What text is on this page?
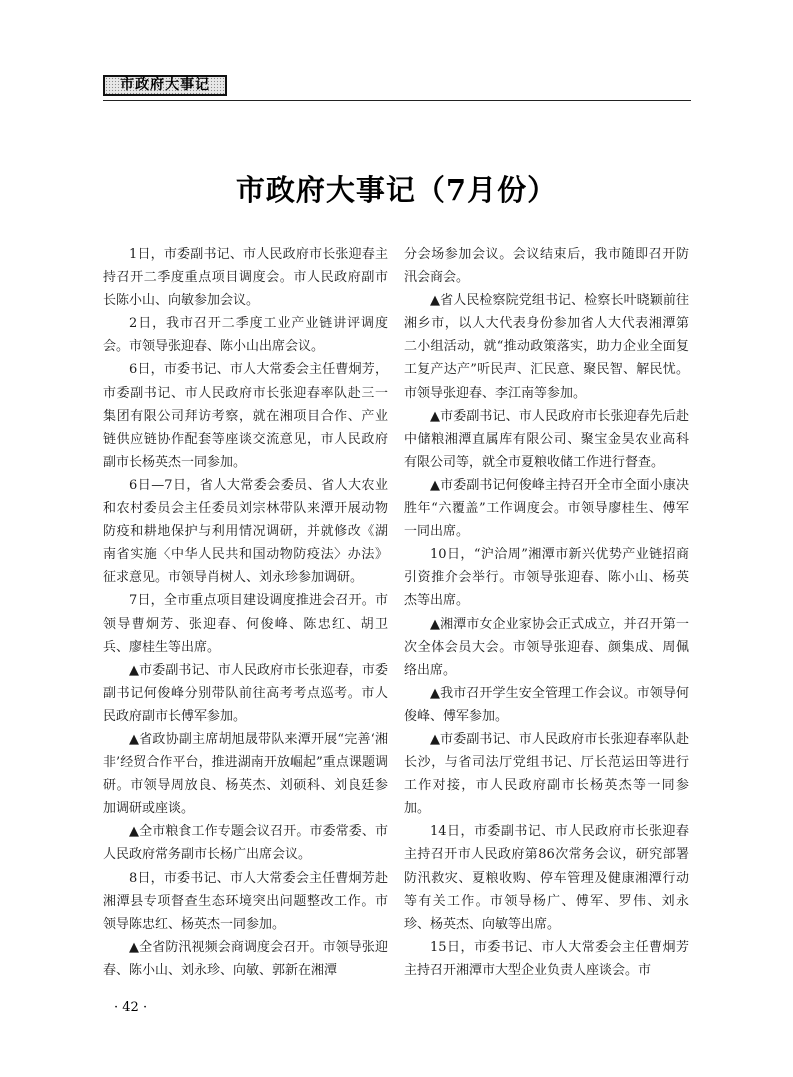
市政府大事记
市政府大事记（7月份）

1日，市委副书记、市人民政府市长张迎春主持召开二季度重点项目调度会。市人民政府副市长陈小山、向敏参加会议。

2日，我市召开二季度工业产业链讲评调度会。市领导张迎春、陈小山出席会议。

6日，市委书记、市人大常委会主任曹炯芳，市委副书记、市人民政府市长张迎春率队赴三一集团有限公司拜访考察，就在湘项目合作、产业链供应链协作配套等座谈交流意见，市人民政府副市长杨英杰一同参加。

6日—7日，省人大常委会委员、省人大农业和农村委员会主任委员刘宗林带队来潭开展动物防疫和耕地保护与利用情况调研，并就修改《湖南省实施〈中华人民共和国动物防疫法〉办法》征求意见。市领导肖树人、刘永珍参加调研。

7日，全市重点项目建设调度推进会召开。市领导曹炯芳、张迎春、何俊峰、陈忠红、胡卫兵、廖桂生等出席。

▲市委副书记、市人民政府市长张迎春，市委副书记何俊峰分别带队前往高考考点巡考。市人民政府副市长傅军参加。

▲省政协副主席胡旭晟带队来潭开展“完善‘湘非’经贸合作平台，推进湖南开放崛起”重点课题调研。市领导周放良、杨英杰、刘硕科、刘良廷参加调研或座谈。

▲全市粮食工作专题会议召开。市委常委、市人民政府常务副市长杨广出席会议。

8日，市委书记、市人大常委会主任曹炯芳赴湘潭县专项督查生态环境突出问题整改工作。市领导陈忠红、杨英杰一同参加。

▲全省防汛视频会商调度会召开。市领导张迎春、陈小山、刘永珍、向敏、郭新在湘潭

分会场参加会议。会议结束后，我市随即召开防汛会商会。

▲省人民检察院党组书记、检察长叶晓颖前往湘乡市，以人大代表身份参加省人大代表湘潭第二小组活动，就“推动政策落实，助力企业全面复工复产达产”听民声、汇民意、聚民智、解民忧。市领导张迎春、李江南等参加。

▲市委副书记、市人民政府市长张迎春先后赴中储粮湘潭直属库有限公司、聚宝金昊农业高科有限公司等，就全市夏粮收储工作进行督查。

▲市委副书记何俊峰主持召开全市全面小康决胜年“六覆盖”工作调度会。市领导廖桂生、傅军一同出席。

10日，“沪洽周”湘潭市新兴优势产业链招商引资推介会举行。市领导张迎春、陈小山、杨英杰等出席。

▲湘潭市女企业家协会正式成立，并召开第一次全体会员大会。市领导张迎春、颜集成、周佩络出席。

▲我市召开学生安全管理工作会议。市领导何俊峰、傅军参加。

▲市委副书记、市人民政府市长张迎春率队赴长沙，与省司法厅党组书记、厅长范运田等进行工作对接，市人民政府副市长杨英杰等一同参加。

14日，市委副书记、市人民政府市长张迎春主持召开市人民政府第86次常务会议，研究部署防汛救灾、夏粮收购、停车管理及健康湘潭行动等有关工作。市领导杨广、傅军、罗伟、刘永珍、杨英杰、向敏等出席。

15日，市委书记、市人大常委会主任曹炯芳主持召开湘潭市大型企业负责人座谈会。市

· 42 ·
